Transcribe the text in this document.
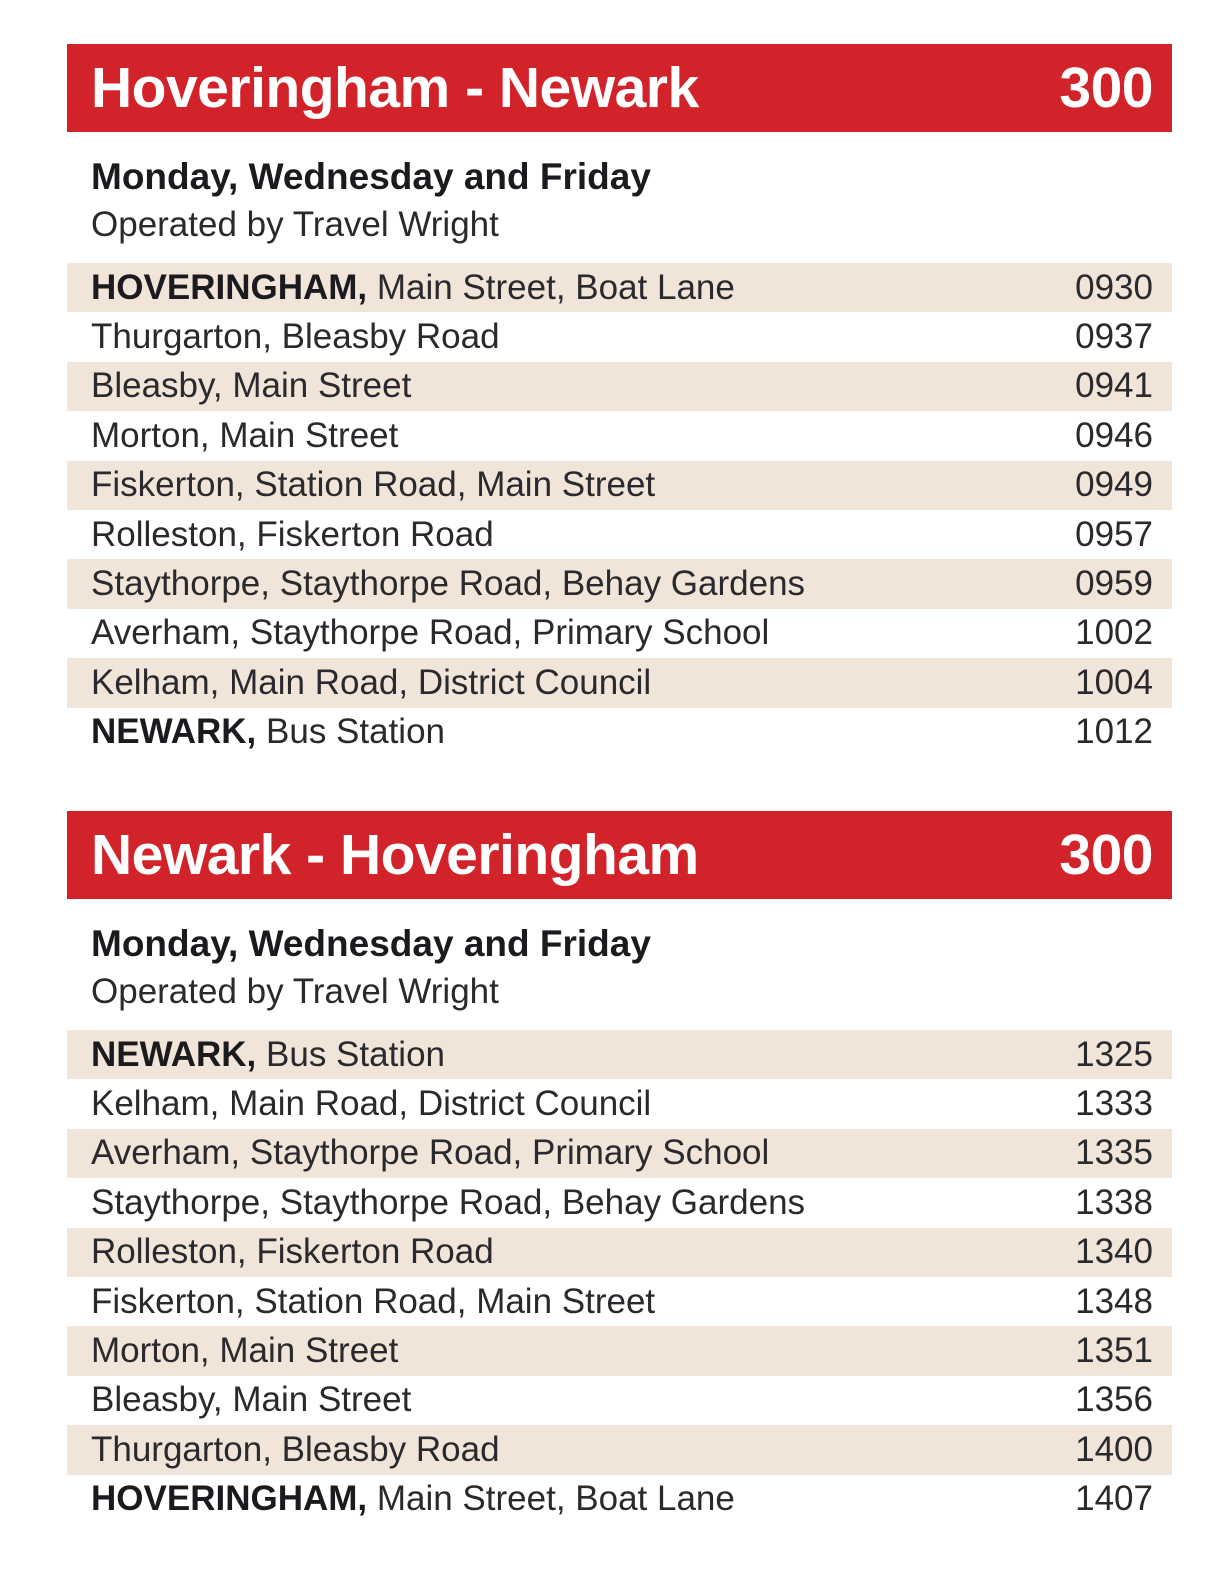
Hoveringham - Newark	300
Monday, Wednesday and Friday
Operated by Travel Wright
HOVERINGHAM, Main Street, Boat Lane	0930
Thurgarton, Bleasby Road	0937
Bleasby, Main Street	0941
Morton, Main Street	0946
Fiskerton, Station Road, Main Street	0949
Rolleston, Fiskerton Road	0957
Staythorpe, Staythorpe Road, Behay Gardens	0959
Averham, Staythorpe Road, Primary School	1002
Kelham, Main Road, District Council	1004
NEWARK, Bus Station	1012
Newark - Hoveringham	300
Monday, Wednesday and Friday
Operated by Travel Wright
NEWARK, Bus Station	1325
Kelham, Main Road, District Council	1333
Averham, Staythorpe Road, Primary School	1335
Staythorpe, Staythorpe Road, Behay Gardens	1338
Rolleston, Fiskerton Road	1340
Fiskerton, Station Road, Main Street	1348
Morton, Main Street	1351
Bleasby, Main Street	1356
Thurgarton, Bleasby Road	1400
HOVERINGHAM, Main Street, Boat Lane	1407
